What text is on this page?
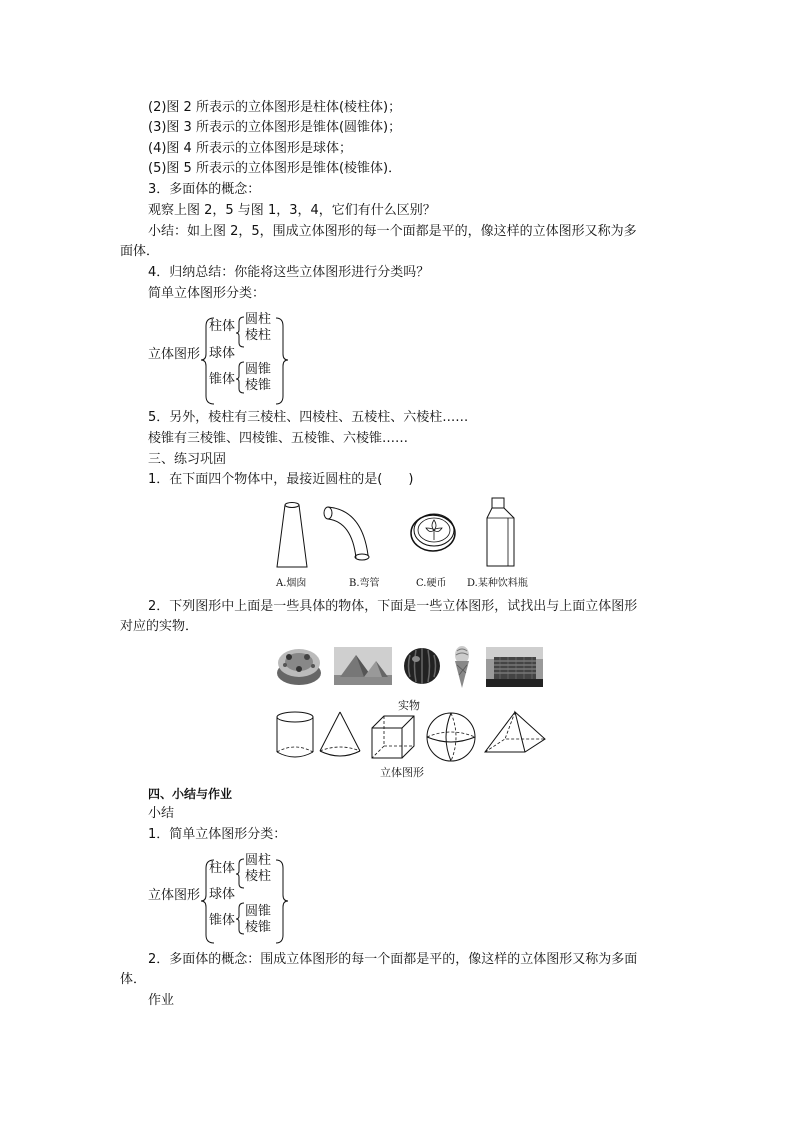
(2)图 2 所表示的立体图形是柱体(棱柱体)；
(3)图 3 所表示的立体图形是锥体(圆锥体)；
(4)图 4 所表示的立体图形是球体；
(5)图 5 所表示的立体图形是锥体(棱锥体)．
3．多面体的概念：
观察上图 2，5 与图 1，3，4，它们有什么区别？
小结：如上图 2，5，围成立体图形的每一个面都是平的，像这样的立体图形又称为多
面体．
4．归纳总结：你能将这些立体图形进行分类吗？
简单立体图形分类：
立体图形
柱体
球体
锥体
圆柱
棱柱
圆锥
棱锥
5．另外，棱柱有三棱柱、四棱柱、五棱柱、六棱柱……
棱锥有三棱锥、四棱锥、五棱锥、六棱锥……
三、练习巩固
1．在下面四个物体中，最接近圆柱的是(　　)
A.烟囱	B.弯管	C.硬币 D.某种饮料瓶
2．下列图形中上面是一些具体的物体，下面是一些立体图形，试找出与上面立体图形
对应的实物．
实物
立体图形
四、小结与作业
小结
1．简单立体图形分类：
立体图形
柱体
球体
锥体
圆柱
棱柱
圆锥
棱锥
2．多面体的概念：围成立体图形的每一个面都是平的，像这样的立体图形又称为多面
体．
作业
